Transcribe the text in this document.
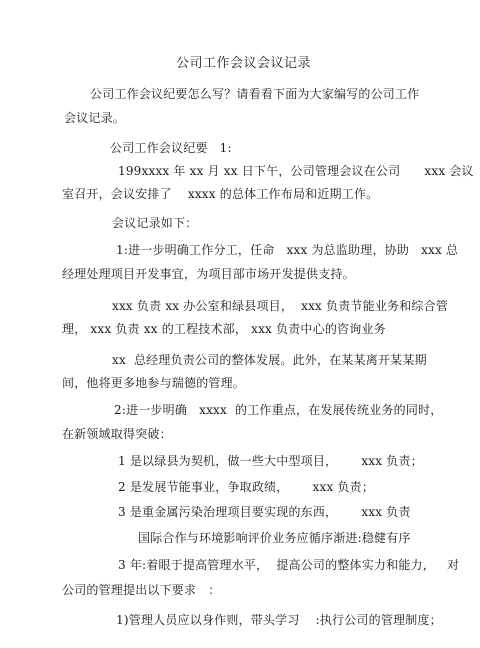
公司工作会议会议记录
公司工作会议纪要怎么写？请看看下面为大家编写的公司工作
会议记录。
公司工作会议纪要   1:
199xxxx 年 xx 月 xx 日下午，公司管理会议在公司      xxx 会议
室召开，会议安排了    xxxx 的总体工作布局和近期工作。
会议记录如下：
1:进一步明确工作分工，任命   xxx 为总监助理，协助   xxx 总
经理处理项目开发事宜，为项目部市场开发提供支持。
xxx 负责 xx 办公室和绿县项目，  xxx 负责节能业务和综合管
理， xxx 负责 xx 的工程技术部， xxx 负责中心的咨询业务
xx  总经理负责公司的整体发展。此外，在某某离开某某期
间，他将更多地参与瑞德的管理。
2:进一步明确   xxxx  的工作重点，在发展传统业务的同时，
在新领域取得突破：
1 是以绿县为契机，做一些大中型项目，      xxx 负责；
2 是发展节能事业，争取政绩，      xxx 负责；
3 是重金属污染治理项目要实现的东西，      xxx 负责
国际合作与环境影响评价业务应循序渐进:稳健有序
3 年:着眼于提高管理水平，  提高公司的整体实力和能力，   对
公司的管理提出以下要求   ：
1)管理人员应以身作则，带头学习    :执行公司的管理制度；
